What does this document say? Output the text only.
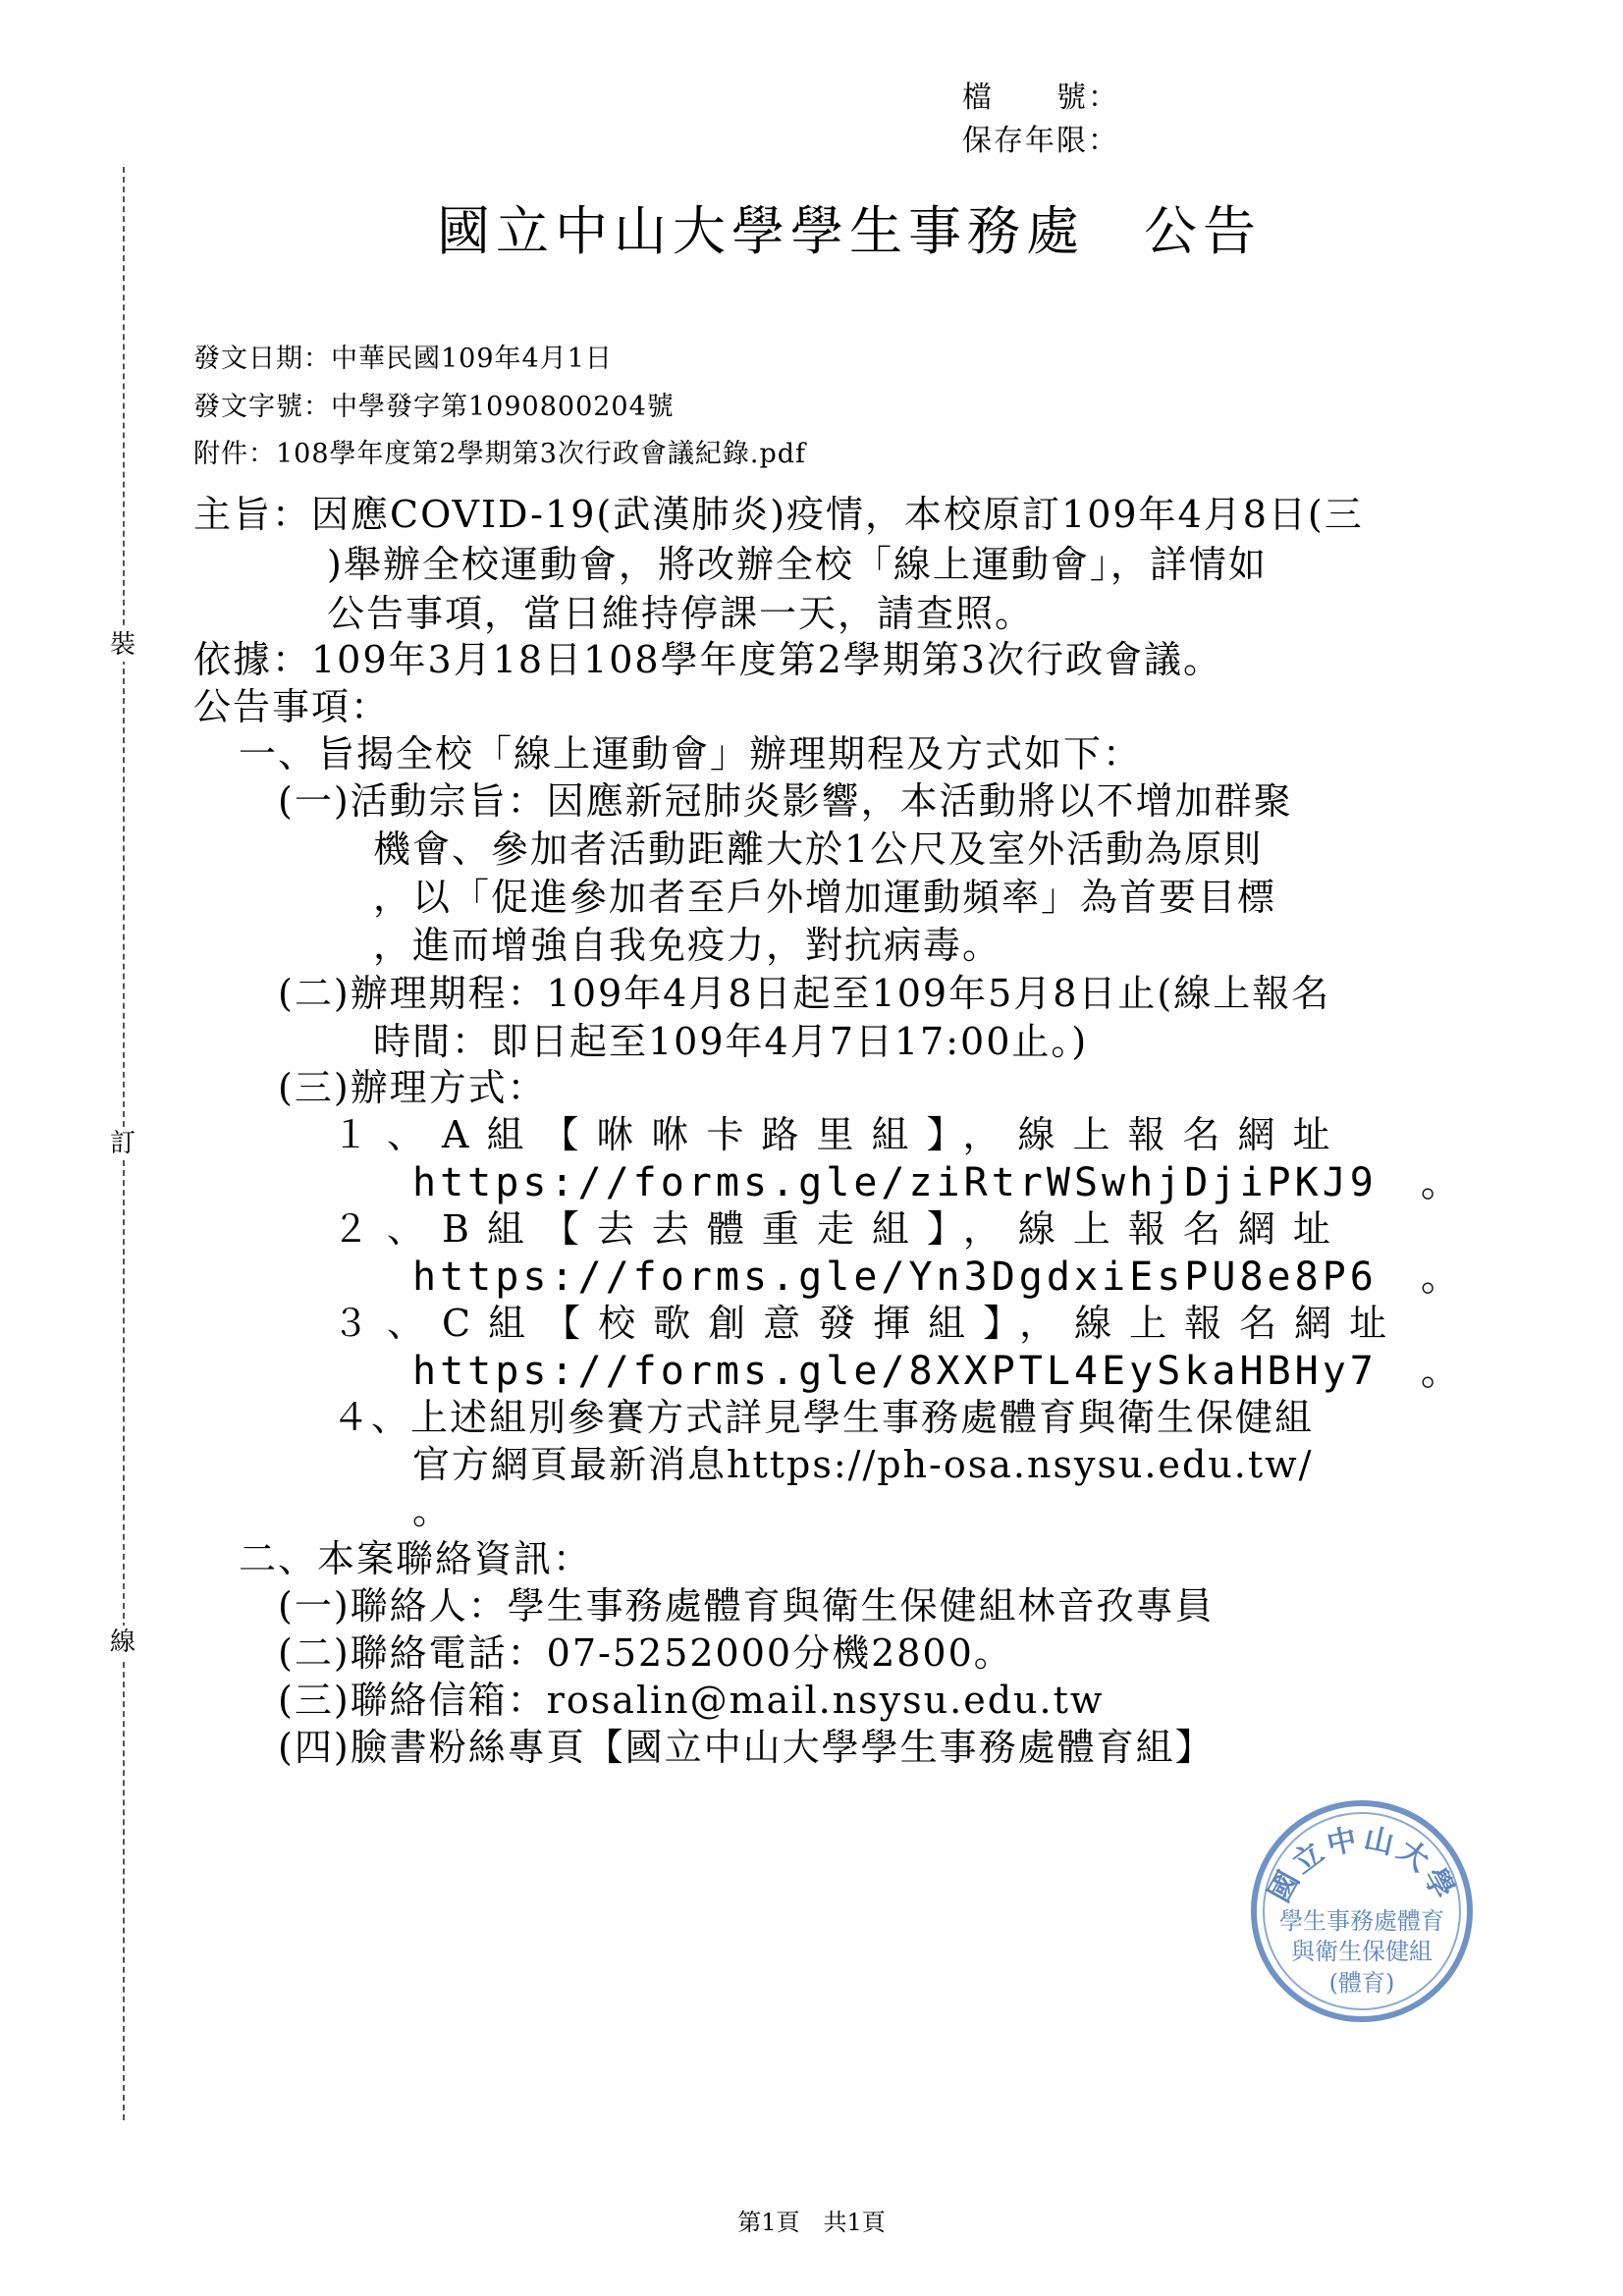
檔　　號：
保存年限：
裝
訂
線
國立中山大學學生事務處　公告
發文日期：中華民國109年4月1日
發文字號：中學發字第1090800204號
附件：108學年度第2學期第3次行政會議紀錄.pdf
主旨：因應COVID-19(武漢肺炎)疫情，本校原訂109年4月8日(三
)舉辦全校運動會，將改辦全校「線上運動會」，詳情如
公告事項，當日維持停課一天，請查照。
依據：109年3月18日108學年度第2學期第3次行政會議。
公告事項：
一、旨揭全校「線上運動會」辦理期程及方式如下：
(一)活動宗旨：因應新冠肺炎影響，本活動將以不增加群聚
機會、參加者活動距離大於1公尺及室外活動為原則
，以「促進參加者至戶外增加運動頻率」為首要目標
，進而增強自我免疫力，對抗病毒。
(二)辦理期程：109年4月8日起至109年5月8日止(線上報名
時間：即日起至109年4月7日17:00止。)
(三)辦理方式：
１、A組【咻咻卡路里組】，線上報名網址
https://forms.gle/ziRtrWSwhjDjiPKJ9　。
２、B組【去去體重走組】，線上報名網址
https://forms.gle/Yn3DgdxiEsPU8e8P6　。
３、C組【校歌創意發揮組】，線上報名網址
https://forms.gle/8XXPTL4EySkaHBHy7　。
４、上述組別參賽方式詳見學生事務處體育與衛生保健組
官方網頁最新消息https://ph-osa.nsysu.edu.tw/
。
二、本案聯絡資訊：
(一)聯絡人：學生事務處體育與衛生保健組林音孜專員
(二)聯絡電話：07-5252000分機2800。
(三)聯絡信箱：rosalin@mail.nsysu.edu.tw
(四)臉書粉絲專頁【國立中山大學學生事務處體育組】
國立中山大學
學生事務處體育
與衛生保健組
(體育)
第1頁　共1頁
